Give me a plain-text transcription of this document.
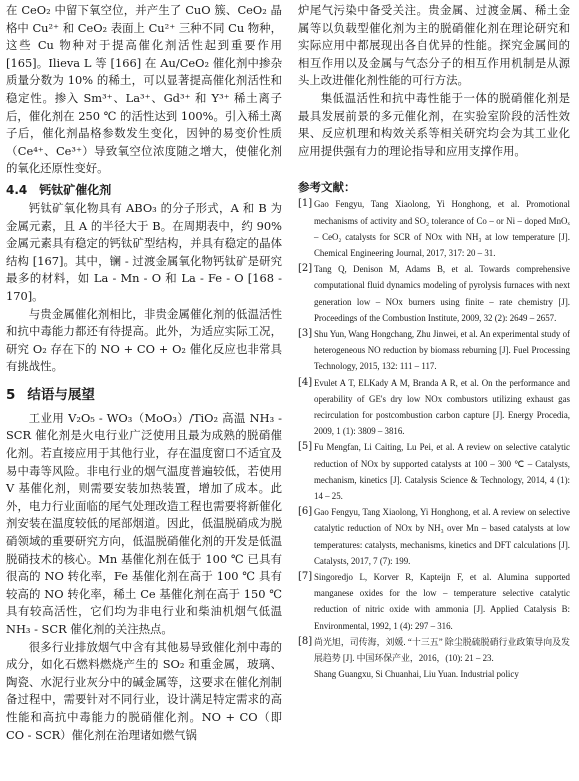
在 CeO₂ 中留下氧空位，并产生了 CuO 簇、CeO₂ 晶格中 Cu²⁺ 和 CeO₂ 表面上 Cu²⁺ 三种不同 Cu 物种，这些 Cu 物种对于提高催化剂活性起到重要作用 [165]。Ilieva L 等 [166] 在 Au/CeO₂ 催化剂中掺杂质量分数为 10% 的稀土，可以显著提高催化剂活性和稳定性。掺入 Sm³⁺、La³⁺、Gd³⁺ 和 Y³⁺ 稀土离子后，催化剂在 250 ℃ 的活性达到 100%。引入稀土离子后，催化剂晶格参数发生变化，因钟的易变价性质（Ce⁴⁺、Ce³⁺）导致氧空位浓度随之增大，使催化剂的氧化还原性变好。

4.4 钙钛矿催化剂

钙钛矿氧化物具有 ABO₃ 的分子形式，A 和 B 为金属元素，且 A 的半径大于 B。在周期表中，约 90% 金属元素具有稳定的钙钛矿型结构，并具有稳定的晶体结构 [167]。其中，镧 - 过渡金属氧化物钙钛矿是研究最多的材料，如 La - Mn - O 和 La - Fe - O [168 - 170]。

与贵金属催化剂相比，非贵金属催化剂的低温活性和抗中毒能力都还有待提高。此外，为适应实际工况，研究 O₂ 存在下的 NO + CO + O₂ 催化反应也非常具有挑战性。

5 结语与展望

工业用 V₂O₅ - WO₃（MoO₃）/TiO₂ 高温 NH₃ - SCR 催化剂是火电行业广泛使用且最为成熟的脱硝催化剂。若直接应用于其他行业，存在温度窗口不适宜及易中毒等风险。非电行业的烟气温度普遍较低，若使用 V 基催化剂，则需要安装加热装置，增加了成本。此外，电力行业面临的尾气处理改造工程也需要将新催化剂安装在温度较低的尾部烟道。因此，低温脱硝成为脱硝领域的重要研究方向，低温脱硝催化剂的开发是低温脱硝技术的核心。Mn 基催化剂在低于 100 ℃ 已具有很高的 NO 转化率，Fe 基催化剂在高于 100 ℃ 具有较高的 NO 转化率，稀土 Ce 基催化剂在高于 150 ℃ 具有较高活性，它们均为非电行业和柴油机烟气低温 NH₃ - SCR 催化剂的关注热点。

很多行业排放烟气中含有其他易导致催化剂中毒的成分，如化石燃料燃烧产生的 SO₂ 和重金属，玻璃、陶瓷、水泥行业灰分中的碱金属等，这要求在催化剂制备过程中，需要针对不同行业，设计满足特定需求的高性能和高抗中毒能力的脱硝催化剂。NO + CO（即 CO - SCR）催化剂在治理诸如燃气锅

炉尾气污染中备受关注。贵金属、过渡金属、稀土金属等以负载型催化剂为主的脱硝催化剂在理论研究和实际应用中都展现出各自优异的性能。探究金属间的相互作用以及金属与气态分子的相互作用机制是从源头上改进催化剂性能的可行方法。

集低温活性和抗中毒性能于一体的脱硝催化剂是最具发展前景的多元催化剂，在实验室阶段的活性效果、反应机理和构效关系等相关研究均会为其工业化应用提供强有力的理论指导和应用支撑作用。

参考文献：
[1] Gao Fengyu, Tang Xiaolong, Yi Honghong, et al. Promotional mechanisms of activity and SO₂ tolerance of Co – or Ni – doped MnOₓ – CeO₂ catalysts for SCR of NOx with NH₃ at low temperature [J]. Chemical Engineering Journal, 2017, 317: 20 – 31.
[2] Tang Q, Denison M, Adams B, et al. Towards comprehensive computational fluid dynamics modeling of pyrolysis furnaces with next generation low – NOx burners using finite – rate chemistry [J]. Proceedings of the Combustion Institute, 2009, 32 (2): 2649 – 2657.
[3] Shu Yun, Wang Hongchang, Zhu Jinwei, et al. An experimental study of heterogeneous NO reduction by biomass reburning [J]. Fuel Processing Technology, 2015, 132: 111 – 117.
[4] Evulet A T, ELKady A M, Branda A R, et al. On the performance and operability of GE's dry low NOx combustors utilizing exhaust gas recirculation for postcombustion carbon capture [J]. Energy Procedia, 2009, 1 (1): 3809 – 3816.
[5] Fu Mengfan, Li Caiting, Lu Pei, et al. A review on selective catalytic reduction of NOx by supported catalysts at 100 – 300 ℃ – Catalysts, mechanism, kinetics [J]. Catalysis Science & Technology, 2014, 4 (1): 14 – 25.
[6] Gao Fengyu, Tang Xiaolong, Yi Honghong, et al. A review on selective catalytic reduction of NOx by NH₃ over Mn – based catalysts at low temperatures: catalysts, mechanisms, kinetics and DFT calculations [J]. Catalysts, 2017, 7 (7): 199.
[7] Singoredjo L, Korver R, Kapteijn F, et al. Alumina supported manganese oxides for the low – temperature selective catalytic reduction of nitric oxide with ammonia [J]. Applied Catalysis B: Environmental, 1992, 1 (4): 297 – 316.
[8] 尚光旭，司传海，刘媛. “十三五” 除尘脱硫脱硝行业政策导向及发展趋势 [J]. 中国环保产业，2016，(10): 21 – 23.
Shang Guangxu, Si Chuanhai, Liu Yuan. Industrial policy
